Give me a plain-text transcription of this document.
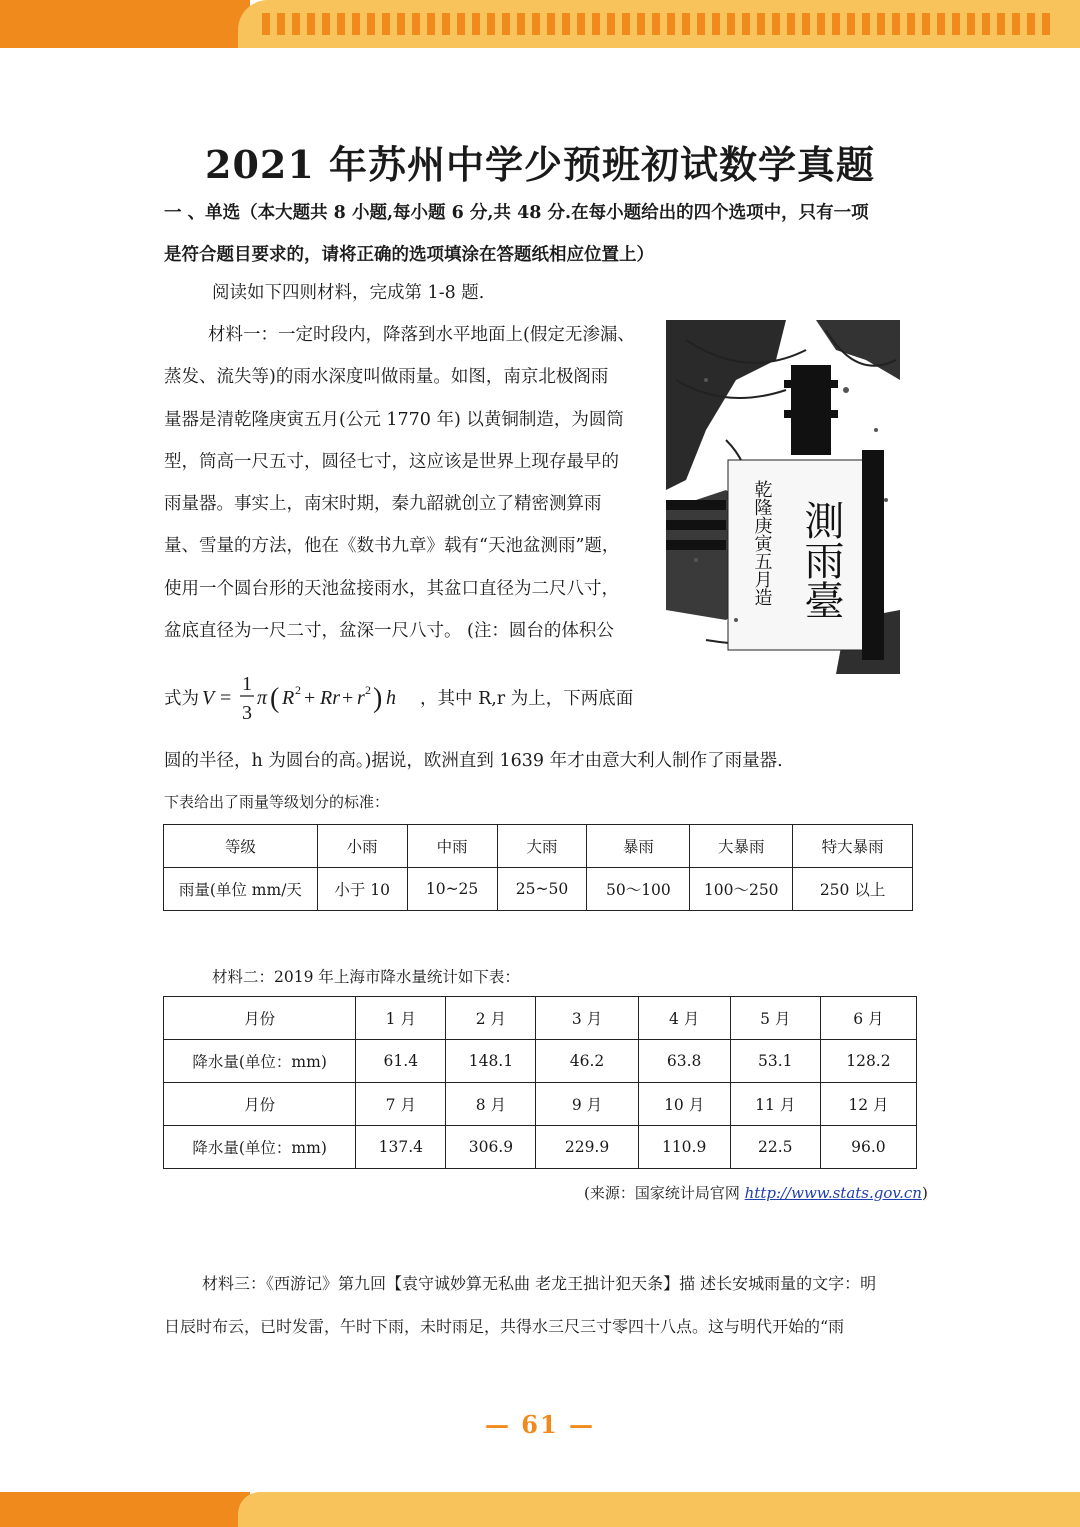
2021 年苏州中学少预班初试数学真题
一 、单选（本大题共 8 小题,每小题 6 分,共 48 分.在每小题给出的四个选项中，只有一项
是符合题目要求的，请将正确的选项填涂在答题纸相应位置上）
阅读如下四则材料，完成第 1-8 题.
材料一：一定时段内，降落到水平地面上(假定无渗漏、
蒸发、流失等)的雨水深度叫做雨量。如图，南京北极阁雨
量器是清乾隆庚寅五月(公元 1770 年) 以黄铜制造，为圆筒
型，筒高一尺五寸，圆径七寸，这应该是世界上现存最早的
雨量器。事实上，南宋时期，秦九韶就创立了精密测算雨
量、雪量的方法，他在《数书九章》载有“天池盆测雨”题，
使用一个圆台形的天池盆接雨水，其盆口直径为二尺八寸，
盆底直径为一尺二寸，盆深一尺八寸。 (注：圆台的体积公
式为 V =
1
3
π ( R 2 + Rr + r 2 ) h ，其中 R,r 为上，下两底面
圆的半径，h 为圆台的高。)据说，欧洲直到 1639 年才由意大利人制作了雨量器.
測雨臺
乾隆庚寅五月造
下表给出了雨量等级划分的标准：
等级	小雨	中雨	大雨	暴雨	大暴雨	特大暴雨
雨量(单位 mm/天	小于 10	10~25	25~50	50～100	100～250	250 以上
材料二：2019 年上海市降水量统计如下表：
月份	1 月	2 月	3 月	4 月	5 月	6 月
降水量(单位：mm)	61.4	148.1	46.2	63.8	53.1	128.2
月份	7 月	8 月	9 月	10 月	11 月	12 月
降水量(单位：mm)	137.4	306.9	229.9	110.9	22.5	96.0
(来源：国家统计局官网 http://www.stats.gov.cn)
材料三：《西游记》第九回【袁守诚妙算无私曲 老龙王拙计犯天条】描 述长安城雨量的文字：明
日辰时布云，已时发雷，午时下雨，未时雨足，共得水三尺三寸零四十八点。这与明代开始的“雨
— 61 —
